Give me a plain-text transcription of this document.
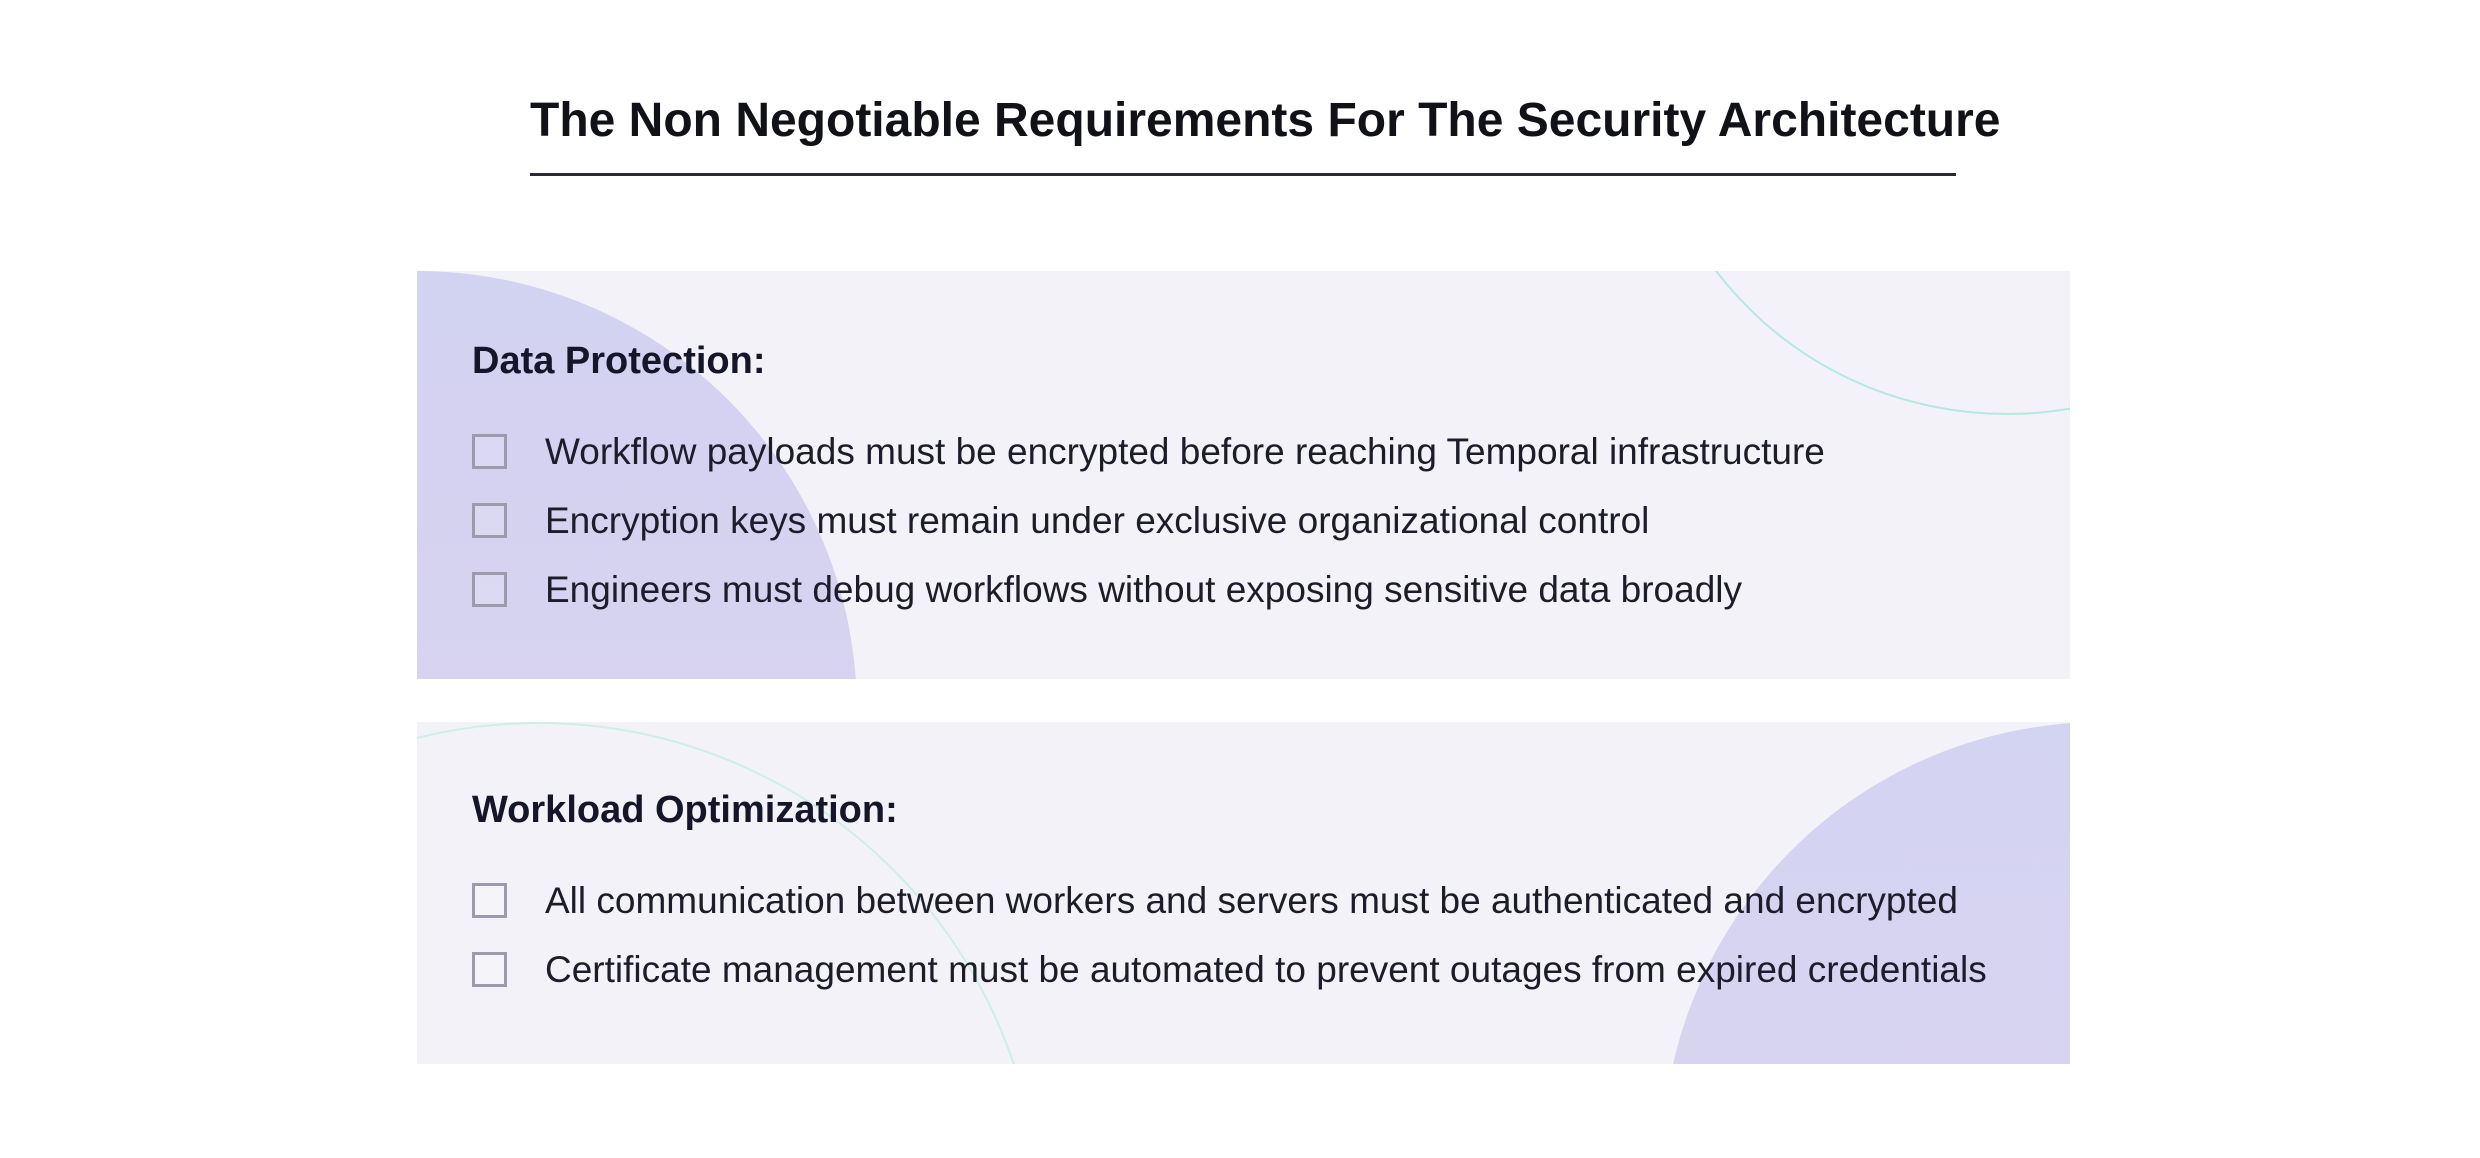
The Non Negotiable Requirements For The Security Architecture
Data Protection:
Workflow payloads must be encrypted before reaching Temporal infrastructure
Encryption keys must remain under exclusive organizational control
Engineers must debug workflows without exposing sensitive data broadly
Workload Optimization:
All communication between workers and servers must be authenticated and encrypted
Certificate management must be automated to prevent outages from expired credentials
